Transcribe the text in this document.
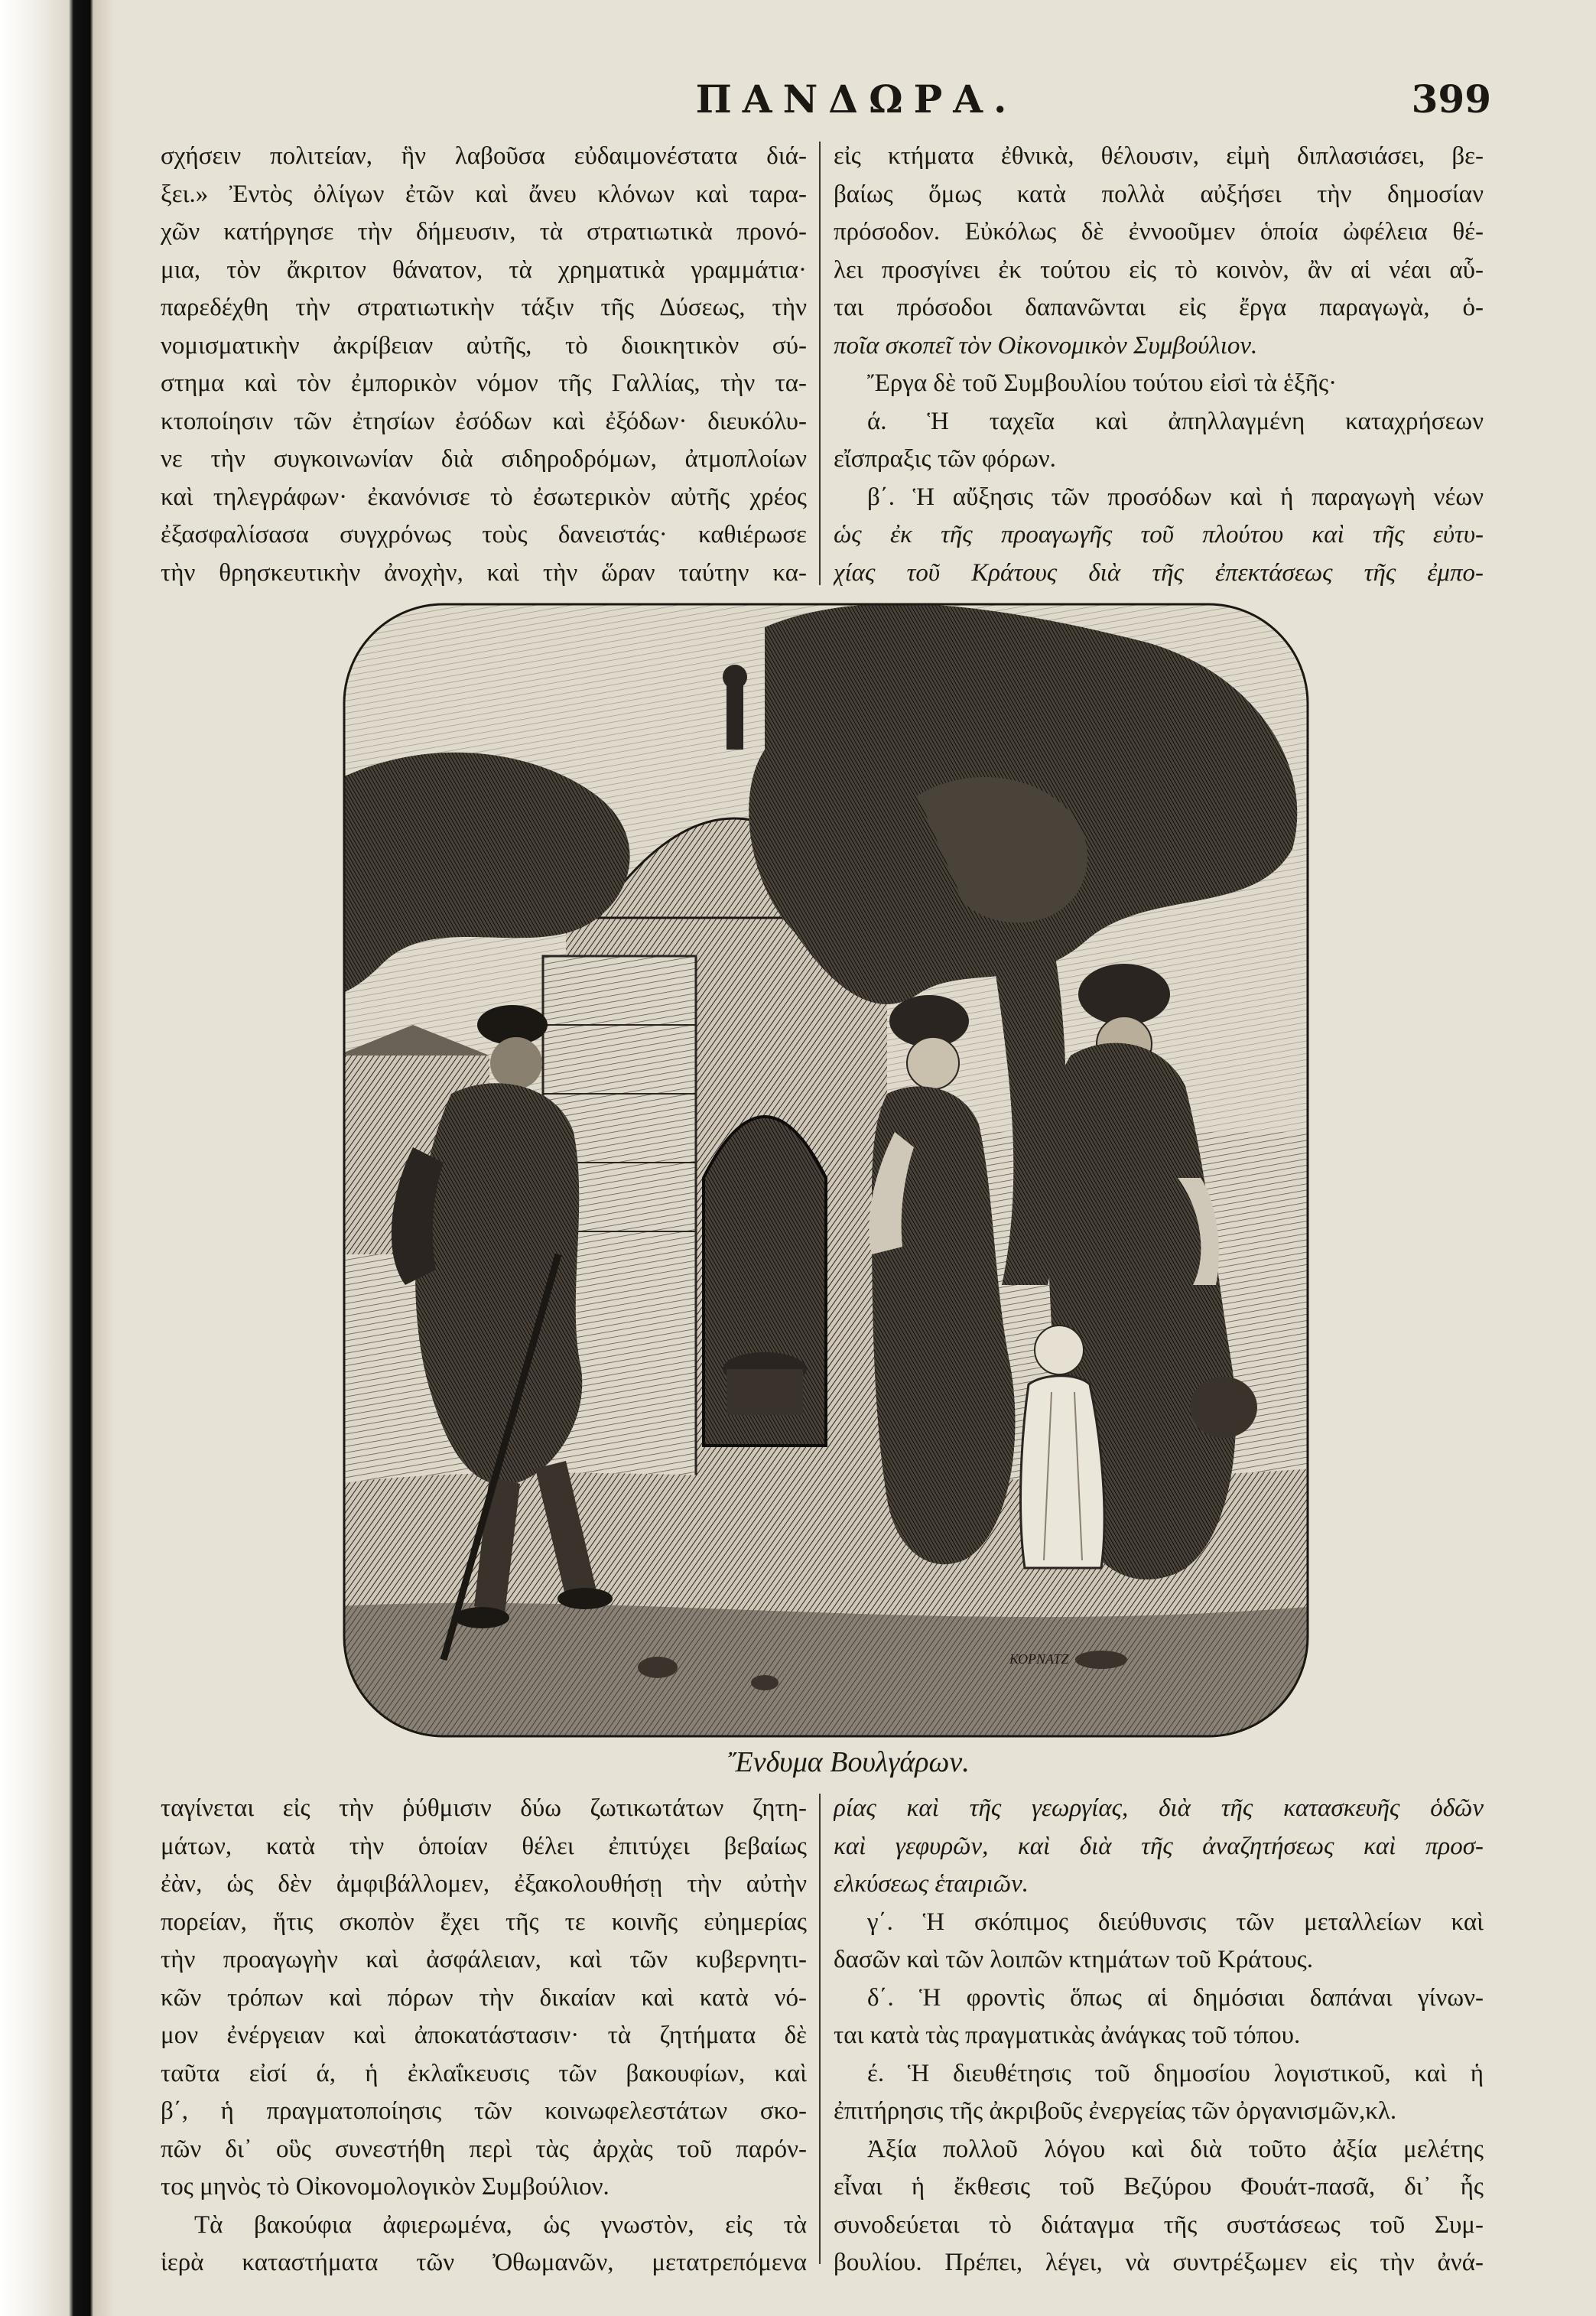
ΠΑΝΔΩΡΑ.	399
σχήσειν πολιτείαν, ἣν λαβοῦσα εὐδαιμονέστατα διά-
ξει.» Ἐντὸς ὀλίγων ἐτῶν καὶ ἄνευ κλόνων καὶ ταρα-
χῶν κατήργησε τὴν δήμευσιν, τὰ στρατιωτικὰ προνό-
μια, τὸν ἄκριτον θάνατον, τὰ χρηματικὰ γραμμάτια·
παρεδέχθη τὴν στρατιωτικὴν τάξιν τῆς Δύσεως, τὴν
νομισματικὴν ἀκρίβειαν αὐτῆς, τὸ διοικητικὸν σύ-
στημα καὶ τὸν ἐμπορικὸν νόμον τῆς Γαλλίας, τὴν τα-
κτοποίησιν τῶν ἐτησίων ἐσόδων καὶ ἐξόδων· διευκόλυ-
νε τὴν συγκοινωνίαν διὰ σιδηροδρόμων, ἀτμοπλοίων
καὶ τηλεγράφων· ἐκανόνισε τὸ ἐσωτερικὸν αὐτῆς χρέος
ἐξασφαλίσασα συγχρόνως τοὺς δανειστάς· καθιέρωσε
τὴν θρησκευτικὴν ἀνοχὴν, καὶ τὴν ὥραν ταύτην κα-
εἰς κτήματα ἐθνικὰ, θέλουσιν, εἰμὴ διπλασιάσει, βε-
βαίως ὅμως κατὰ πολλὰ αὐξήσει τὴν δημοσίαν
πρόσοδον. Εὐκόλως δὲ ἐννοοῦμεν ὁποία ὠφέλεια θέ-
λει προσγίνει ἐκ τούτου εἰς τὸ κοινὸν, ἂν αἱ νέαι αὗ-
ται πρόσοδοι δαπανῶνται εἰς ἔργα παραγωγὰ, ὁ-
ποῖα σκοπεῖ τὸν Οἰκονομικὸν Συμβούλιον.
Ἔργα δὲ τοῦ Συμβουλίου τούτου εἰσὶ τὰ ἑξῆς·
ά. Ἡ ταχεῖα καὶ ἀπηλλαγμένη καταχρήσεων
εἴσπραξις τῶν φόρων.
β΄. Ἡ αὔξησις τῶν προσόδων καὶ ἡ παραγωγὴ νέων
ὡς ἐκ τῆς προαγωγῆς τοῦ πλούτου καὶ τῆς εὐτυ-
χίας τοῦ Κράτους διὰ τῆς ἐπεκτάσεως τῆς ἐμπο-
ΚΟΡΝΑΤΖ
Ἔνδυμα Βουλγάρων.
ταγίνεται εἰς τὴν ῥύθμισιν δύω ζωτικωτάτων ζητη-
μάτων, κατὰ τὴν ὁποίαν θέλει ἐπιτύχει βεβαίως
ἐὰν, ὡς δὲν ἀμφιβάλλομεν, ἐξακολουθήσῃ τὴν αὐτὴν
πορείαν, ἥτις σκοπὸν ἔχει τῆς τε κοινῆς εὐημερίας
τὴν προαγωγὴν καὶ ἀσφάλειαν, καὶ τῶν κυβερνητι-
κῶν τρόπων καὶ πόρων τὴν δικαίαν καὶ κατὰ νό-
μον ἐνέργειαν καὶ ἀποκατάστασιν· τὰ ζητήματα δὲ
ταῦτα εἰσί ά, ἡ ἐκλαΐκευσις τῶν βακουφίων, καὶ
β΄, ἡ πραγματοποίησις τῶν κοινωφελεστάτων σκο-
πῶν δι᾽ οὓς συνεστήθη περὶ τὰς ἀρχὰς τοῦ παρόν-
τος μηνὸς τὸ Οἰκονομολογικὸν Συμβούλιον.
Τὰ βακούφια ἀφιερωμένα, ὡς γνωστὸν, εἰς τὰ
ἱερὰ καταστήματα τῶν Ὀθωμανῶν, μετατρεπόμενα
ρίας καὶ τῆς γεωργίας, διὰ τῆς κατασκευῆς ὁδῶν
καὶ γεφυρῶν, καὶ διὰ τῆς ἀναζητήσεως καὶ προσ-
ελκύσεως ἑταιριῶν.
γ΄. Ἡ σκόπιμος διεύθυνσις τῶν μεταλλείων καὶ
δασῶν καὶ τῶν λοιπῶν κτημάτων τοῦ Κράτους.
δ΄. Ἡ φροντὶς ὅπως αἱ δημόσιαι δαπάναι γίνων-
ται κατὰ τὰς πραγματικὰς ἀνάγκας τοῦ τόπου.
έ. Ἡ διευθέτησις τοῦ δημοσίου λογιστικοῦ, καὶ ἡ
ἐπιτήρησις τῆς ἀκριβοῦς ἐνεργείας τῶν ὀργανισμῶν,κλ.
Ἀξία πολλοῦ λόγου καὶ διὰ τοῦτο ἀξία μελέτης
εἶναι ἡ ἔκθεσις τοῦ Βεζύρου Φουάτ-πασᾶ, δι᾽ ἧς
συνοδεύεται τὸ διάταγμα τῆς συστάσεως τοῦ Συμ-
βουλίου. Πρέπει, λέγει, νὰ συντρέξωμεν εἰς τὴν ἀνά-
